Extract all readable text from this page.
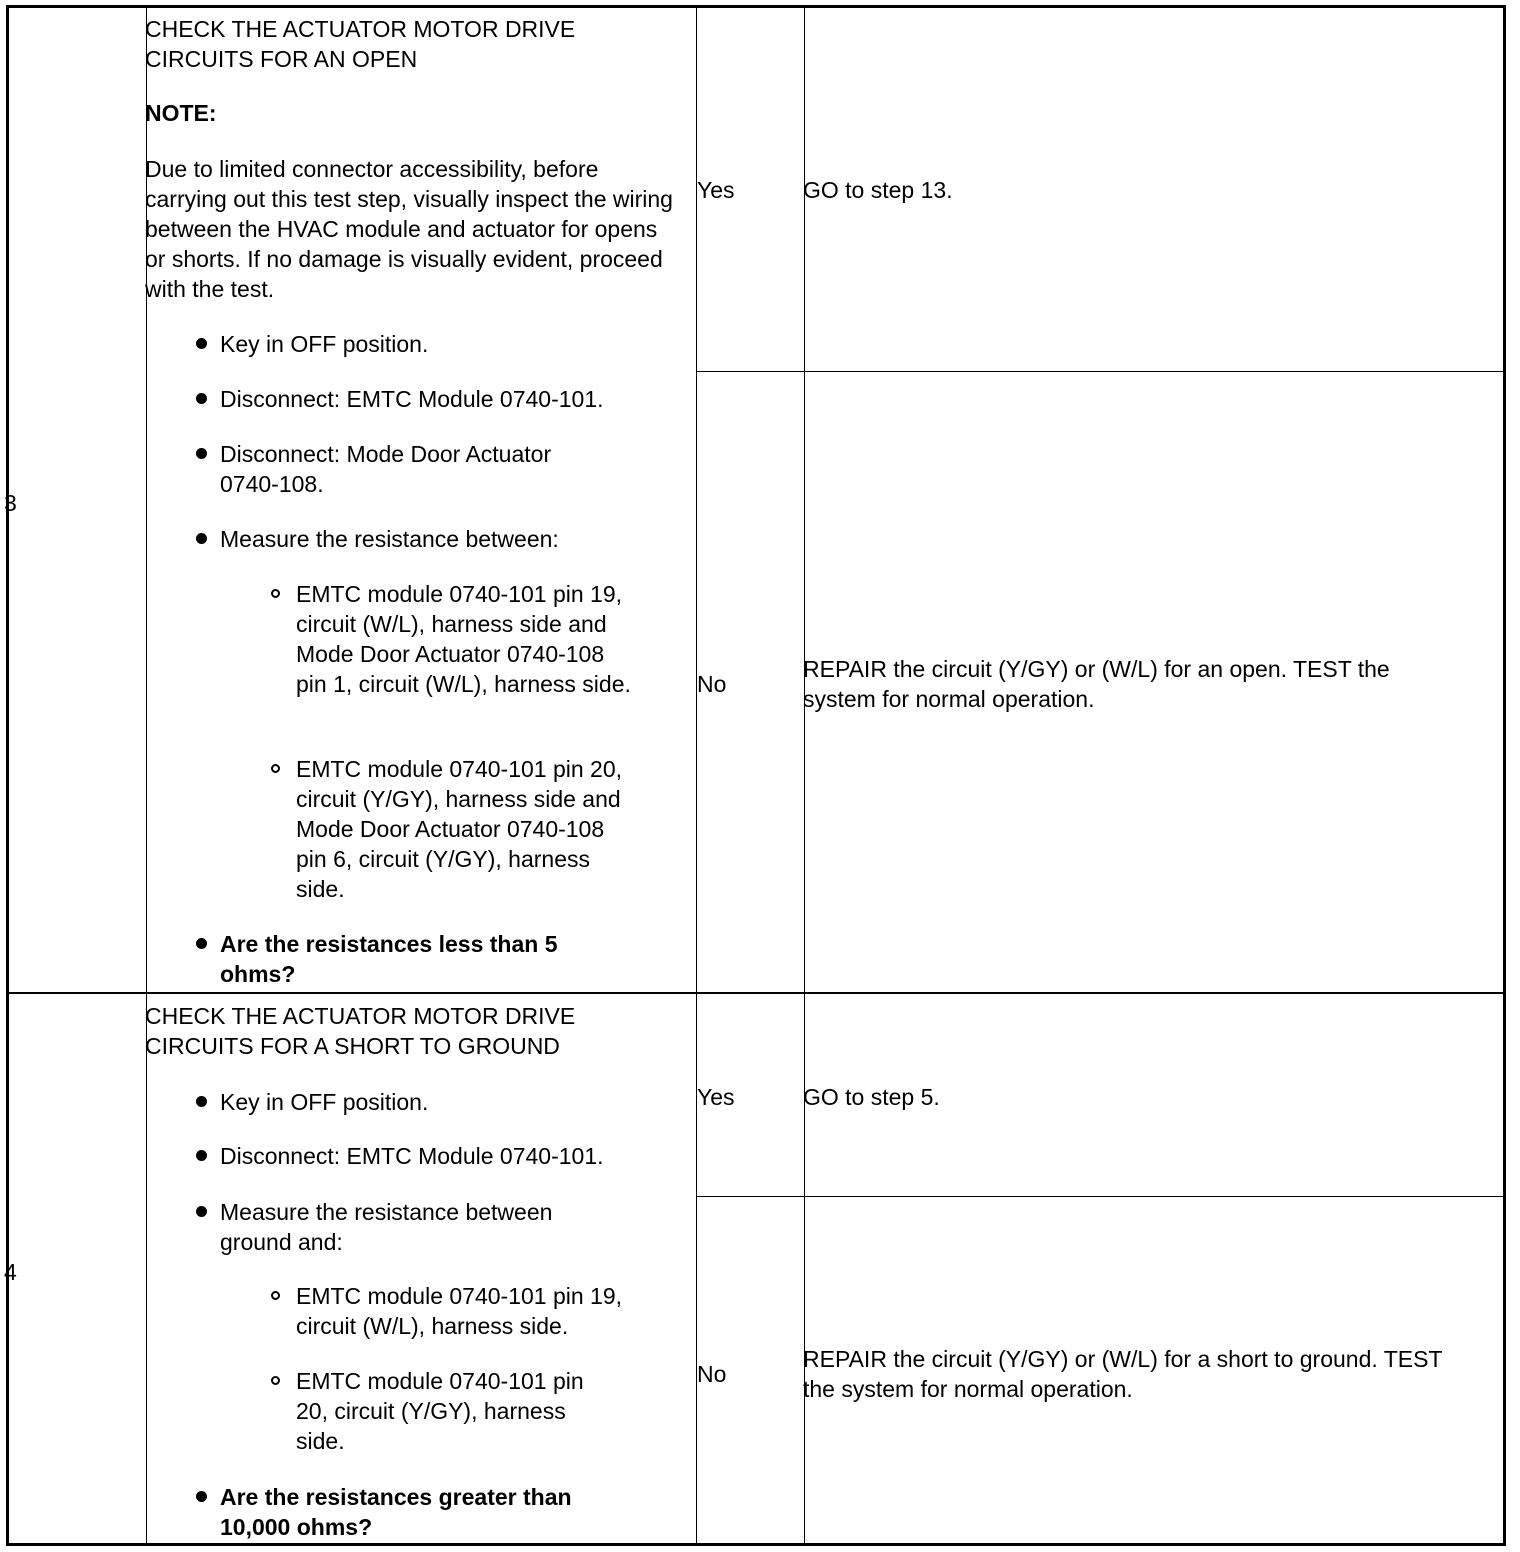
3
CHECK THE ACTUATOR MOTOR DRIVE CIRCUITS FOR AN OPEN
NOTE:
Due to limited connector accessibility, before carrying out this test step, visually inspect the wiring between the HVAC module and actuator for opens or shorts. If no damage is visually evident, proceed with the test.
Key in OFF position.
Disconnect: EMTC Module 0740-101.
Disconnect: Mode Door Actuator 0740-108.
Measure the resistance between:
EMTC module 0740-101 pin 19, circuit (W/L), harness side and Mode Door Actuator 0740-108 pin 1, circuit (W/L), harness side.
EMTC module 0740-101 pin 20, circuit (Y/GY), harness side and Mode Door Actuator 0740-108 pin 6, circuit (Y/GY), harness side.
Are the resistances less than 5 ohms?
Yes	GO to step 13.
No
REPAIR the circuit (Y/GY) or (W/L) for an open. TEST the system for normal operation.
4
CHECK THE ACTUATOR MOTOR DRIVE CIRCUITS FOR A SHORT TO GROUND
Key in OFF position.
Disconnect: EMTC Module 0740-101.
Measure the resistance between ground and:
EMTC module 0740-101 pin 19, circuit (W/L), harness side.
EMTC module 0740-101 pin 20, circuit (Y/GY), harness side.
Are the resistances greater than 10,000 ohms?
Yes	GO to step 5.
No
REPAIR the circuit (Y/GY) or (W/L) for a short to ground. TEST the system for normal operation.
